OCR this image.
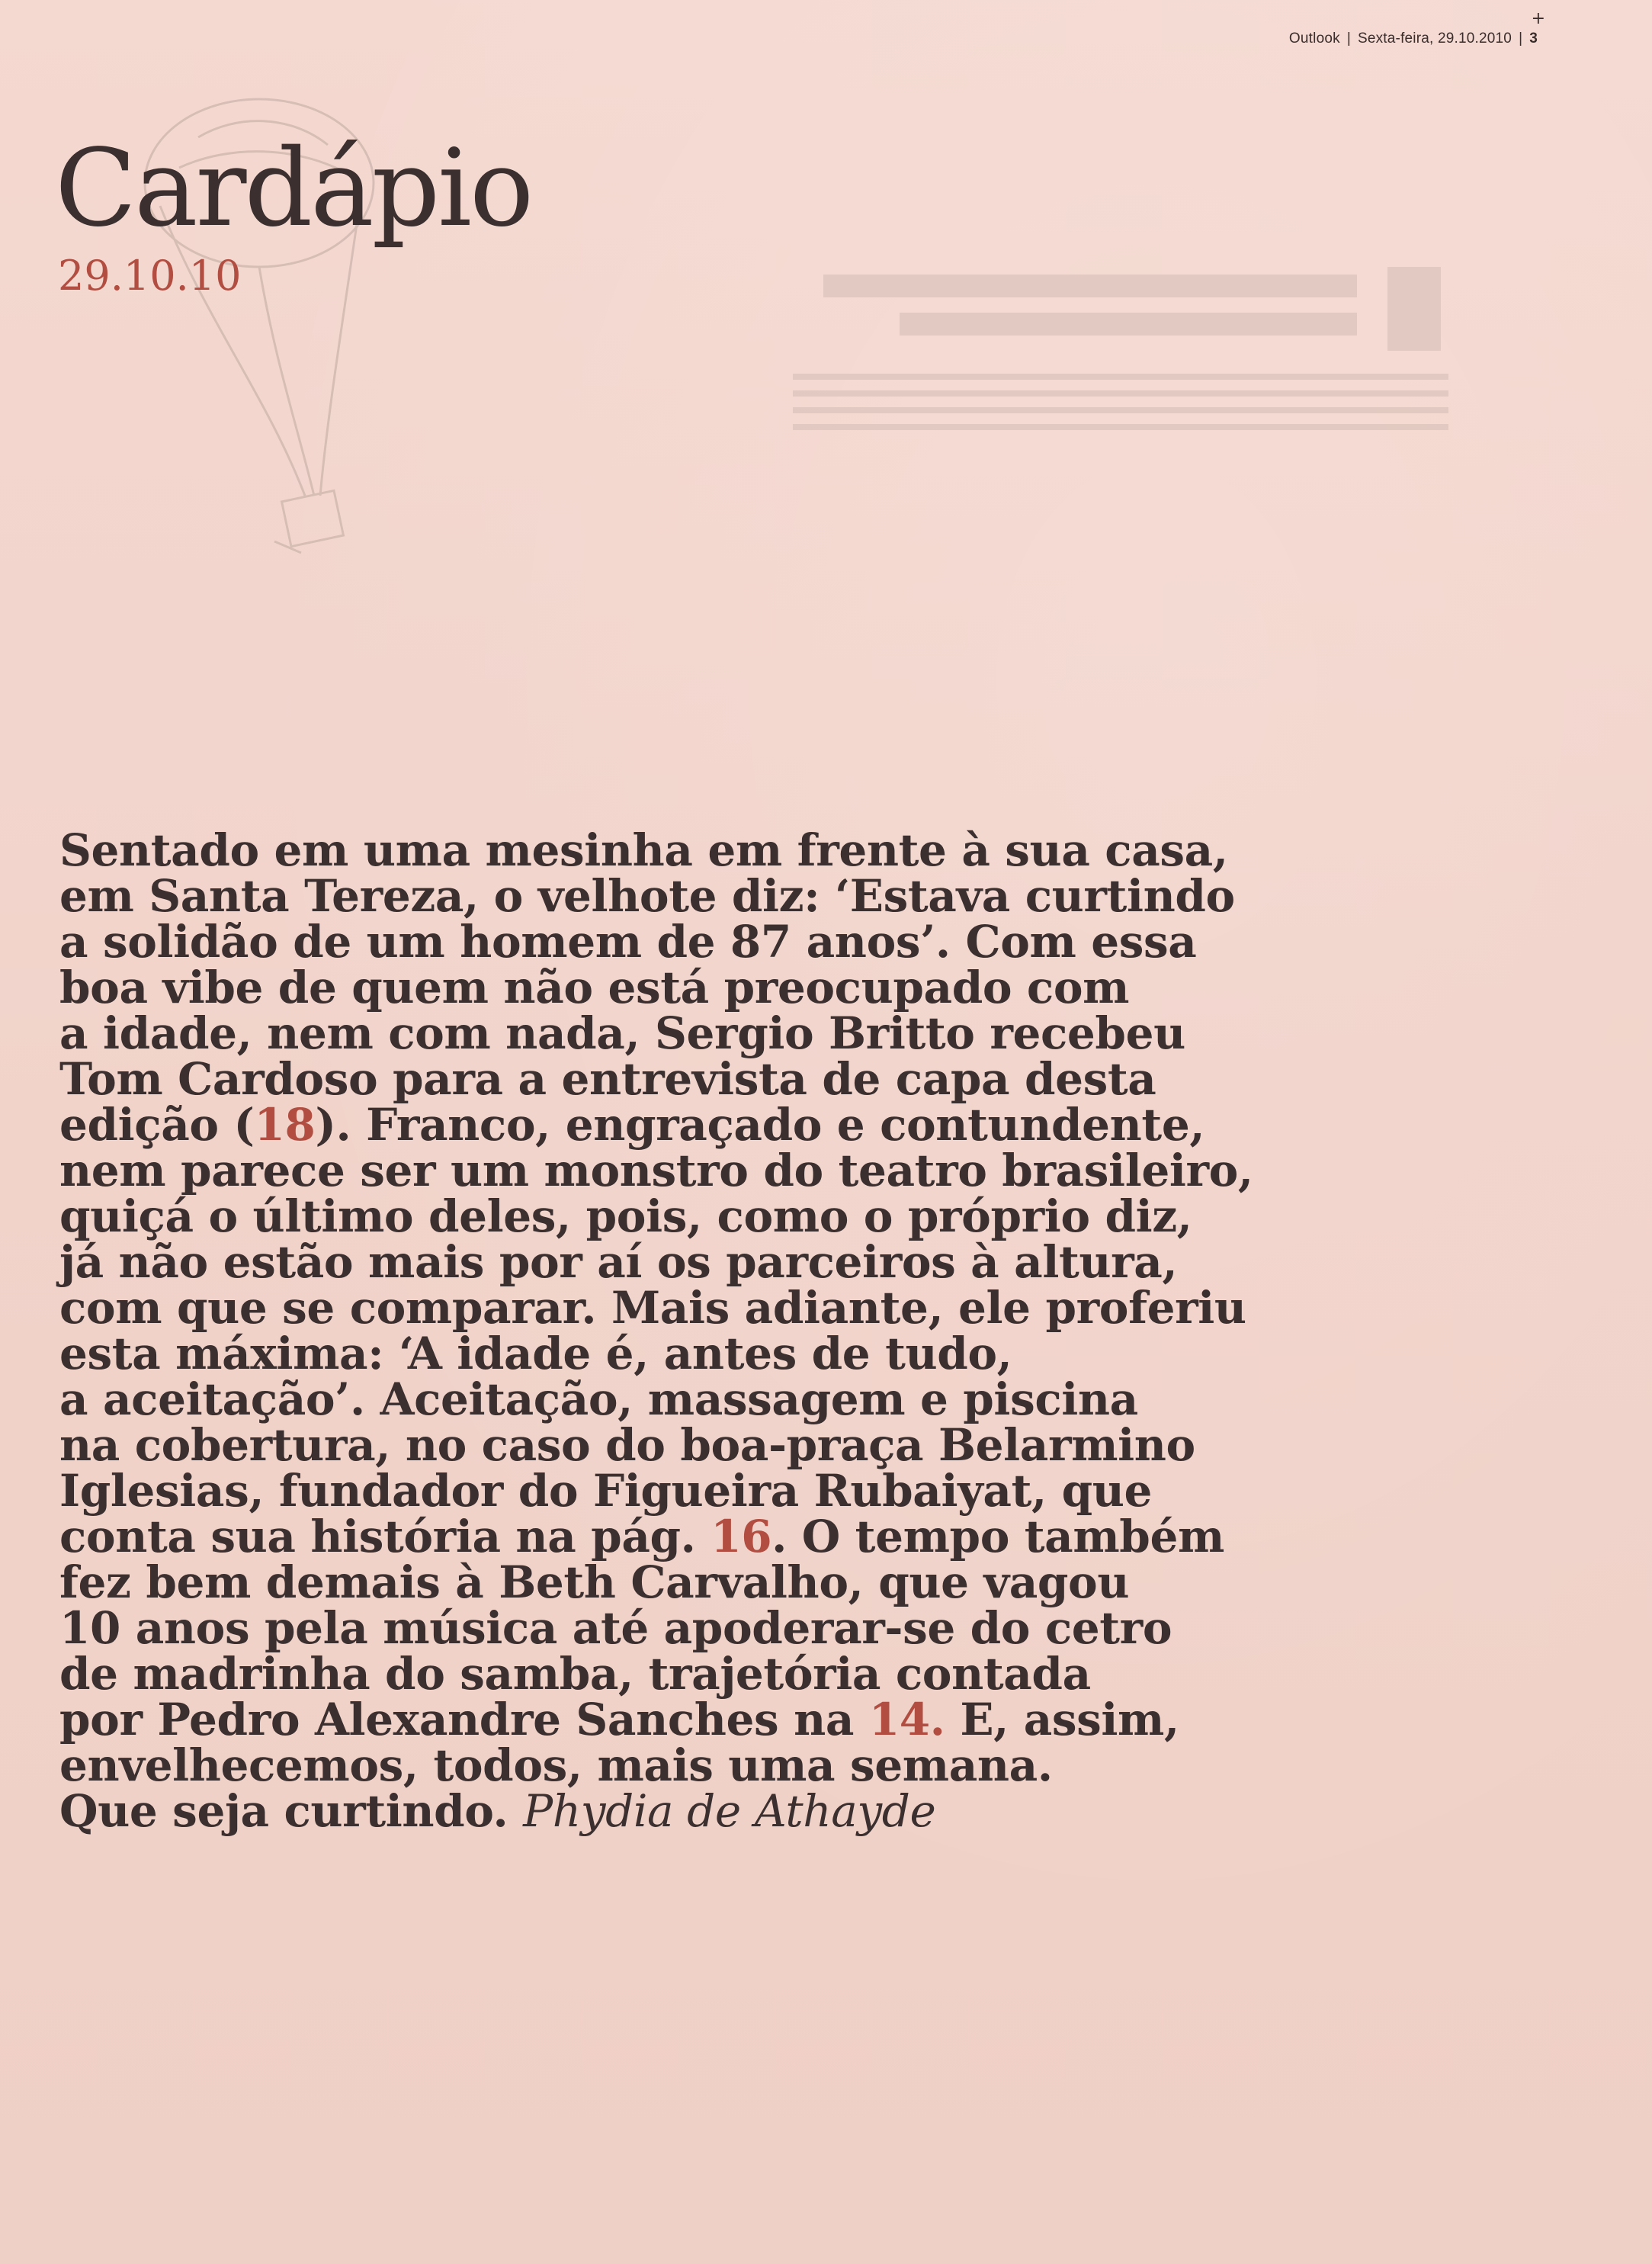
+
Outlook | Sexta-feira, 29.10.2010 | 3
Cardápio
29.10.10
Sentado em uma mesinha em frente à sua casa,
em Santa Tereza, o velhote diz: ‘Estava curtindo
a solidão de um homem de 87 anos’. Com essa
boa vibe de quem não está preocupado com
a idade, nem com nada, Sergio Britto recebeu
Tom Cardoso para a entrevista de capa desta
edição (18). Franco, engraçado e contundente,
nem parece ser um monstro do teatro brasileiro,
quiçá o último deles, pois, como o próprio diz,
já não estão mais por aí os parceiros à altura,
com que se comparar. Mais adiante, ele proferiu
esta máxima: ‘A idade é, antes de tudo,
a aceitação’. Aceitação, massagem e piscina
na cobertura, no caso do boa-praça Belarmino
Iglesias, fundador do Figueira Rubaiyat, que
conta sua história na pág. 16. O tempo também
fez bem demais à Beth Carvalho, que vagou
10 anos pela música até apoderar-se do cetro
de madrinha do samba, trajetória contada
por Pedro Alexandre Sanches na 14. E, assim,
envelhecemos, todos, mais uma semana.
Que seja curtindo. Phydia de Athayde
